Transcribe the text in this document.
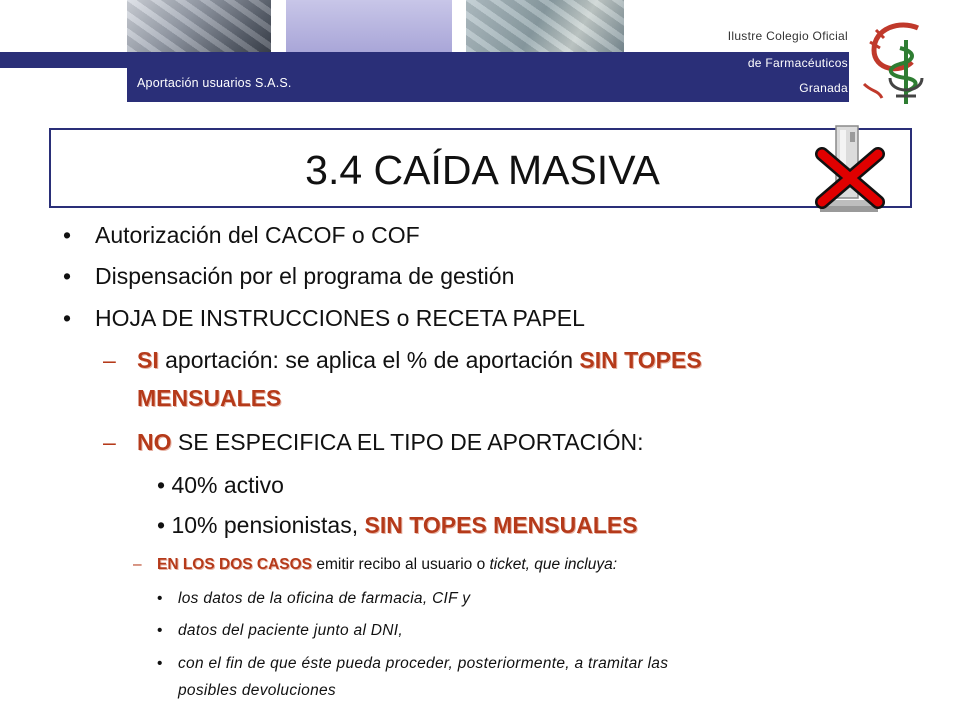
Aportación usuarios S.A.S.
Ilustre Colegio Oficial
de Farmacéuticos
Granada
3.4 CAÍDA MASIVA
• Autorización del CACOF o COF
• Dispensación por el programa de gestión
• HOJA DE INSTRUCCIONES o RECETA PAPEL
– SI aportación: se aplica el % de aportación SIN TOPES
MENSUALES
– NO SE ESPECIFICA EL TIPO DE APORTACIÓN:
• 40% activo
• 10% pensionistas, SIN TOPES MENSUALES
– EN LOS DOS CASOS emitir recibo al usuario o ticket, que incluya:
• los datos de la oficina de farmacia, CIF y
• datos del paciente junto al DNI,
• con el fin de que éste pueda proceder, posteriormente, a tramitar las
posibles devoluciones
